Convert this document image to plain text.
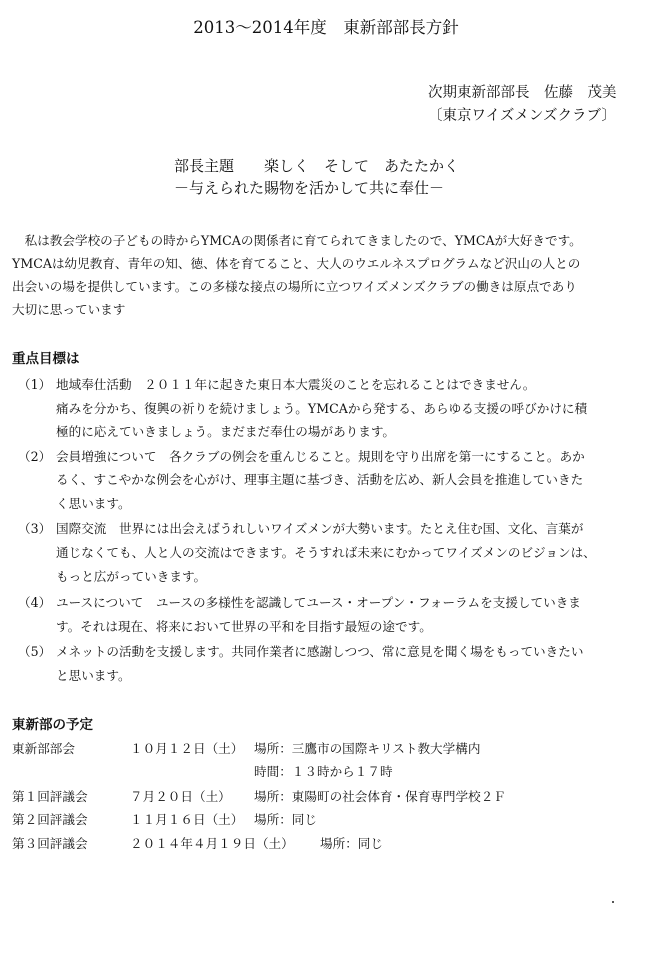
2013～2014年度　東新部部長方針
次期東新部部長　佐藤　茂美
〔東京ワイズメンズクラブ〕
部長主題　　楽しく　そして　あたたかく
－与えられた賜物を活かして共に奉仕－
　私は教会学校の子どもの時からYMCAの関係者に育てられてきましたので、YMCAが大好きです。
YMCAは幼児教育、青年の知、徳、体を育てること、大人のウエルネスプログラムなど沢山の人との
出会いの場を提供しています。この多様な接点の場所に立つワイズメンズクラブの働きは原点であり
大切に思っています
重点目標は
（1） 地域奉仕活動　２０１１年に起きた東日本大震災のことを忘れることはできません。
痛みを分かち、復興の祈りを続けましょう。YMCAから発する、あらゆる支援の呼びかけに積
極的に応えていきましょう。まだまだ奉仕の場があります。
（2） 会員増強について　各クラブの例会を重んじること。規則を守り出席を第一にすること。あか
るく、すこやかな例会を心がけ、理事主題に基づき、活動を広め、新人会員を推進していきた
く思います。
（3） 国際交流　世界には出会えばうれしいワイズメンが大勢います。たとえ住む国、文化、言葉が
通じなくても、人と人の交流はできます。そうすれば未来にむかってワイズメンのビジョンは、
もっと広がっていきます。
（4） ユースについて　ユースの多様性を認識してユース・オープン・フォーラムを支援していきま
す。それは現在、将来において世界の平和を目指す最短の途です。
（5） メネットの活動を支援します。共同作業者に感謝しつつ、常に意見を聞く場をもっていきたい
と思います。
東新部の予定
東新部部会	１０月１２日（土） 場所：三鷹市の国際キリスト教大学構内
時間：１３時から１７時
第１回評議会	７月２０日（土） 場所：東陽町の社会体育・保育専門学校２Ｆ
第２回評議会	１１月１６日（土） 場所：同じ
第３回評議会	２０１４年４月１９日（土） 場所：同じ
